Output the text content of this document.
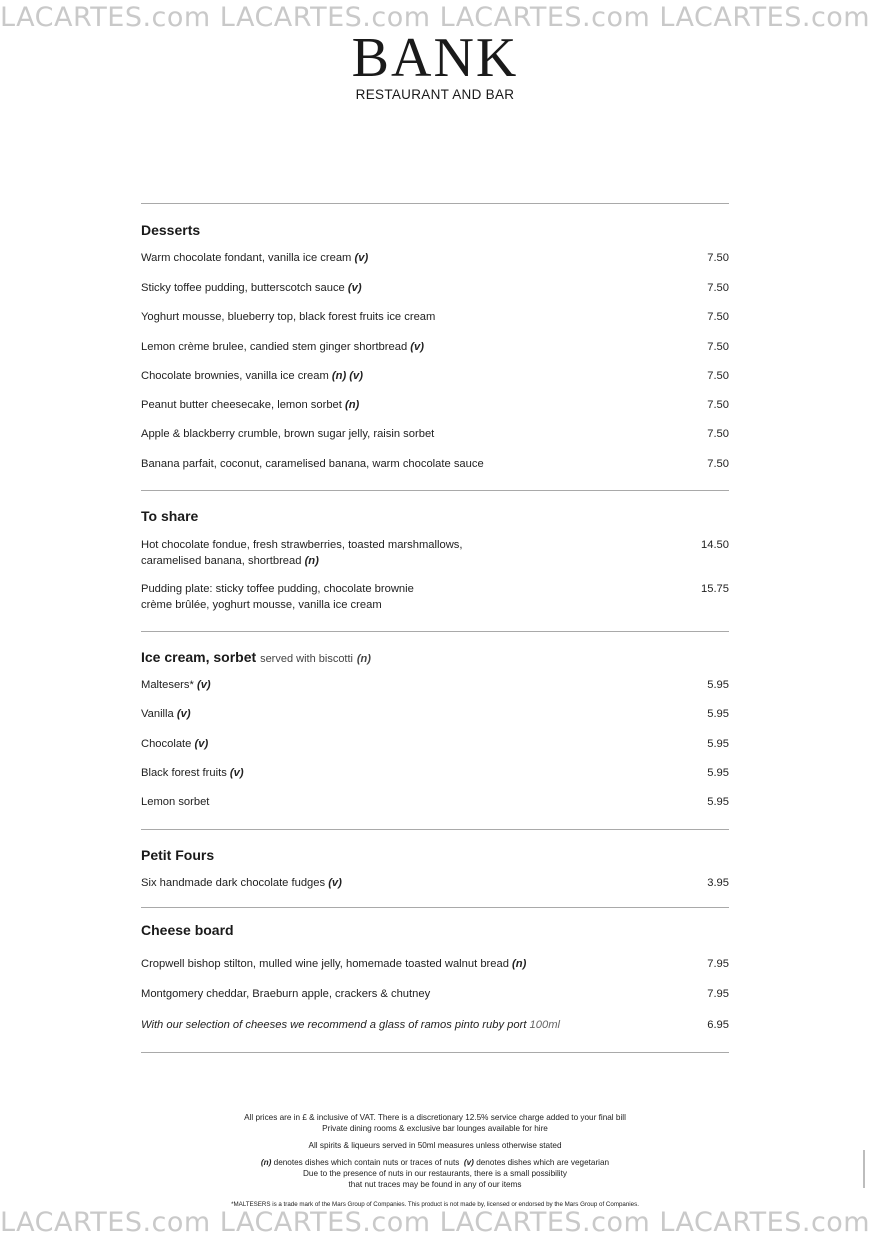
LACARTES.com LACARTES.com LACARTES.com LACARTES.com
BANK
RESTAURANT AND BAR
Desserts
Warm chocolate fondant, vanilla ice cream (v)	7.50
Sticky toffee pudding, butterscotch sauce (v)	7.50
Yoghurt mousse, blueberry top, black forest fruits ice cream	7.50
Lemon crème brulee, candied stem ginger shortbread (v)	7.50
Chocolate brownies, vanilla ice cream (n) (v)	7.50
Peanut butter cheesecake, lemon sorbet (n)	7.50
Apple & blackberry crumble, brown sugar jelly, raisin sorbet	7.50
Banana parfait, coconut, caramelised banana, warm chocolate sauce	7.50
To share
Hot chocolate fondue, fresh strawberries, toasted marshmallows,
caramelised banana, shortbread (n)
14.50
Pudding plate: sticky toffee pudding, chocolate brownie
crème brûlée, yoghurt mousse, vanilla ice cream
15.75
Ice cream, sorbet served with biscotti (n)
Maltesers* (v)	5.95
Vanilla (v)	5.95
Chocolate (v)	5.95
Black forest fruits (v)	5.95
Lemon sorbet	5.95
Petit Fours
Six handmade dark chocolate fudges (v)	3.95
Cheese board
Cropwell bishop stilton, mulled wine jelly, homemade toasted walnut bread (n)	7.95
Montgomery cheddar, Braeburn apple, crackers & chutney	7.95
With our selection of cheeses we recommend a glass of ramos pinto ruby port 100ml	6.95
All prices are in £ & inclusive of VAT. There is a discretionary 12.5% service charge added to your final bill
Private dining rooms & exclusive bar lounges available for hire
All spirits & liqueurs served in 50ml measures unless otherwise stated
(n) denotes dishes which contain nuts or traces of nuts (v) denotes dishes which are vegetarian
Due to the presence of nuts in our restaurants, there is a small possibility
that nut traces may be found in any of our items
*MALTESERS is a trade mark of the Mars Group of Companies. This product is not made by, licensed or endorsed by the Mars Group of Companies.
LACARTES.com LACARTES.com LACARTES.com LACARTES.com
